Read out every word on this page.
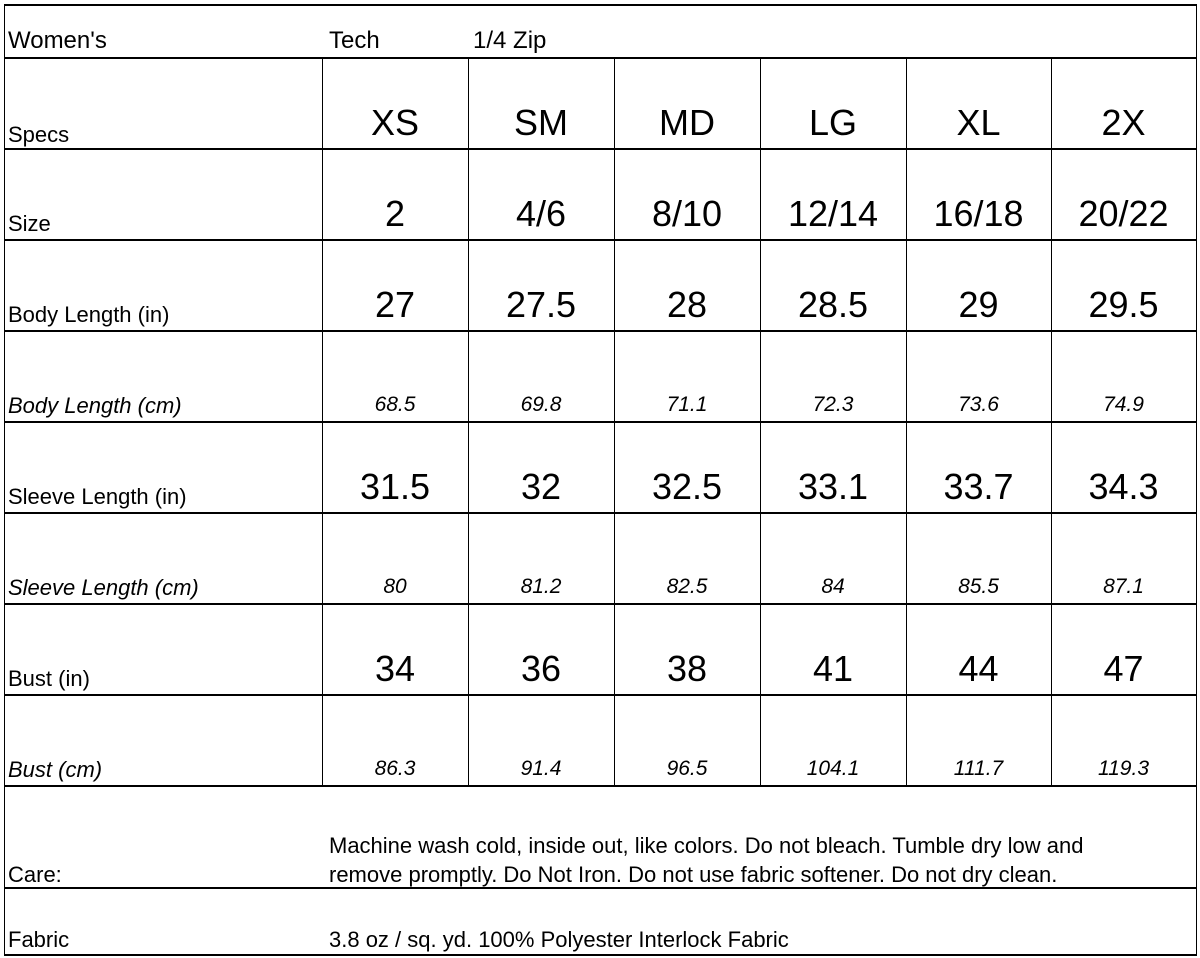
Women's	Tech	1/4 Zip
Specs	XS	SM	MD	LG	XL	2X
Size	2	4/6	8/10	12/14	16/18	20/22
Body Length (in)	27	27.5	28	28.5	29	29.5
Body Length (cm)	68.5	69.8	71.1	72.3	73.6	74.9
Sleeve Length (in)	31.5	32	32.5	33.1	33.7	34.3
Sleeve Length (cm)	80	81.2	82.5	84	85.5	87.1
Bust (in)	34	36	38	41	44	47
Bust (cm)	86.3	91.4	96.5	104.1	111.7	119.3
Care:
Machine wash cold, inside out, like colors. Do not bleach. Tumble dry low and
remove promptly. Do Not Iron. Do not use fabric softener. Do not dry clean.
Fabric	3.8 oz / sq. yd. 100% Polyester Interlock Fabric
